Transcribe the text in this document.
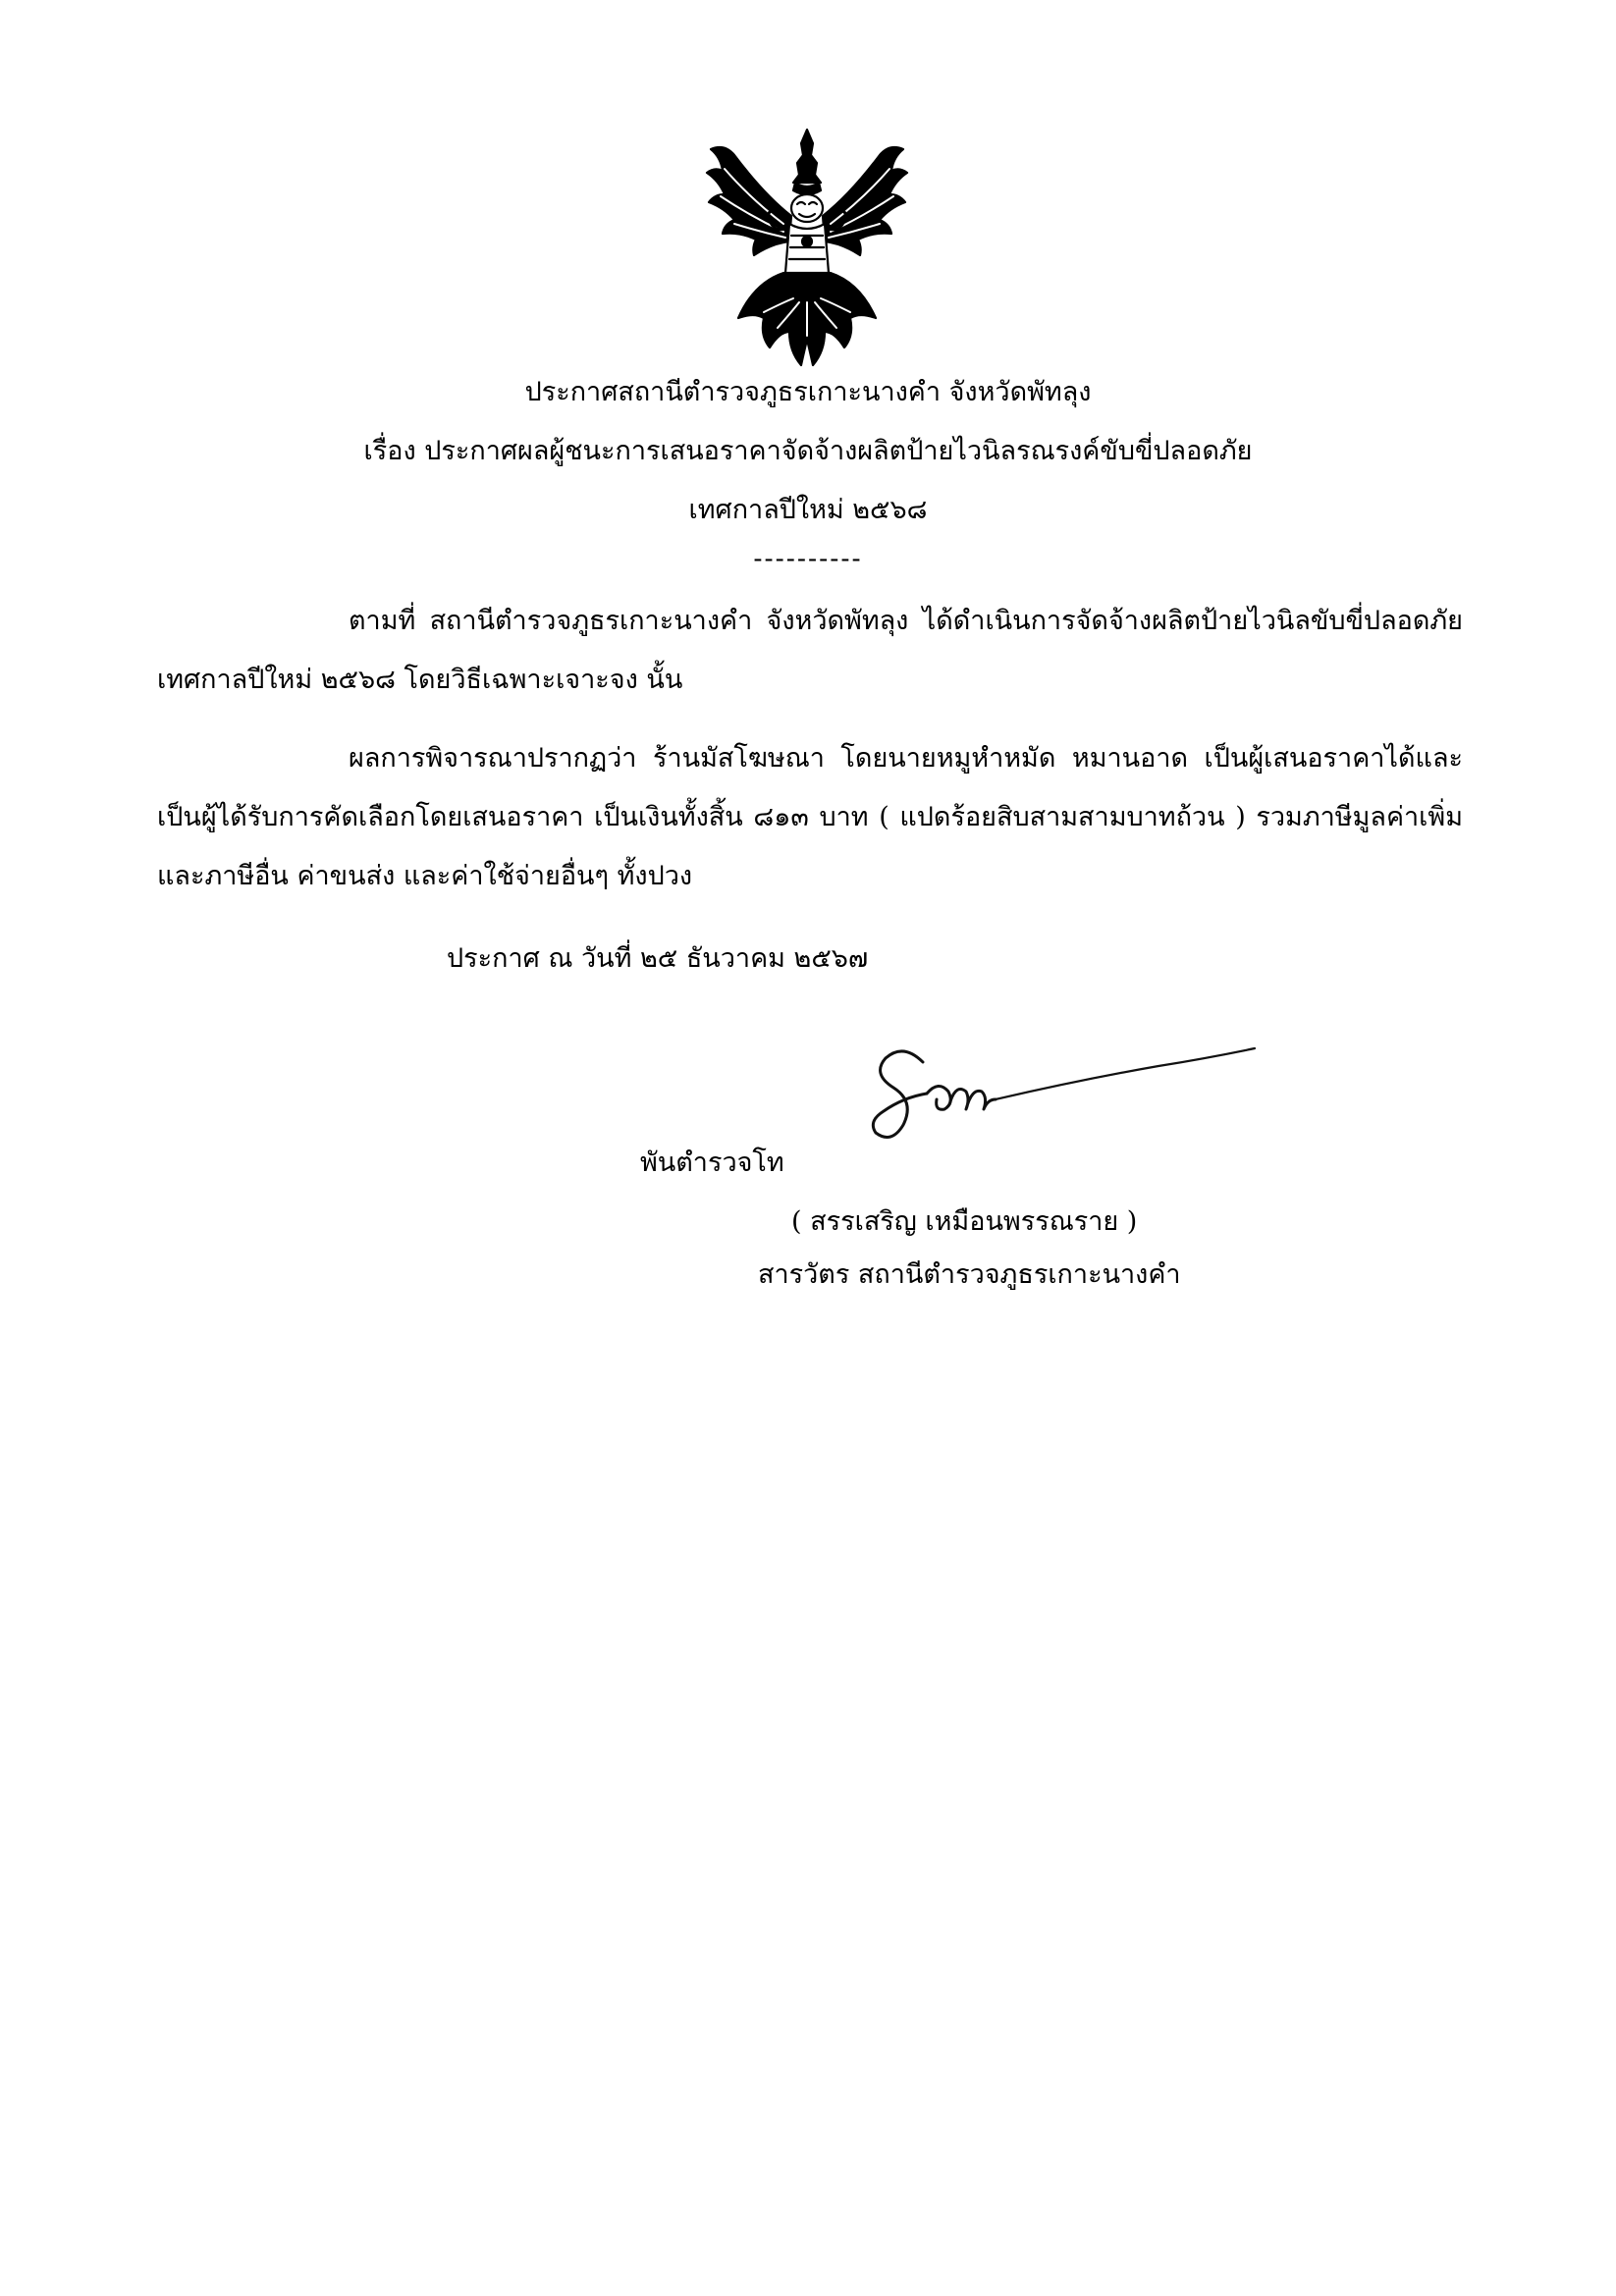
ประกาศสถานีตำรวจภูธรเกาะนางคำ จังหวัดพัทลุง
เรื่อง ประกาศผลผู้ชนะการเสนอราคาจัดจ้างผลิตป้ายไวนิลรณรงค์ขับขี่ปลอดภัย
เทศกาลปีใหม่ ๒๕๖๘
----------

ตามที่ สถานีตำรวจภูธรเกาะนางคำ จังหวัดพัทลุง ได้ดำเนินการจัดจ้างผลิตป้ายไวนิลขับขี่ปลอดภัยเทศกาลปีใหม่ ๒๕๖๘ โดยวิธีเฉพาะเจาะจง นั้น

ผลการพิจารณาปรากฏว่า ร้านมัสโฆษณา โดยนายหมูหำหมัด หมานอาด เป็นผู้เสนอราคาได้และเป็นผู้ได้รับการคัดเลือกโดยเสนอราคา เป็นเงินทั้งสิ้น ๘๑๓ บาท ( แปดร้อยสิบสามสามบาทถ้วน ) รวมภาษีมูลค่าเพิ่มและภาษีอื่น ค่าขนส่ง และค่าใช้จ่ายอื่นๆ ทั้งปวง

ประกาศ ณ วันที่ ๒๕ ธันวาคม ๒๕๖๗
พันตำรวจโท
( สรรเสริญ เหมือนพรรณราย )
สารวัตร สถานีตำรวจภูธรเกาะนางคำ
